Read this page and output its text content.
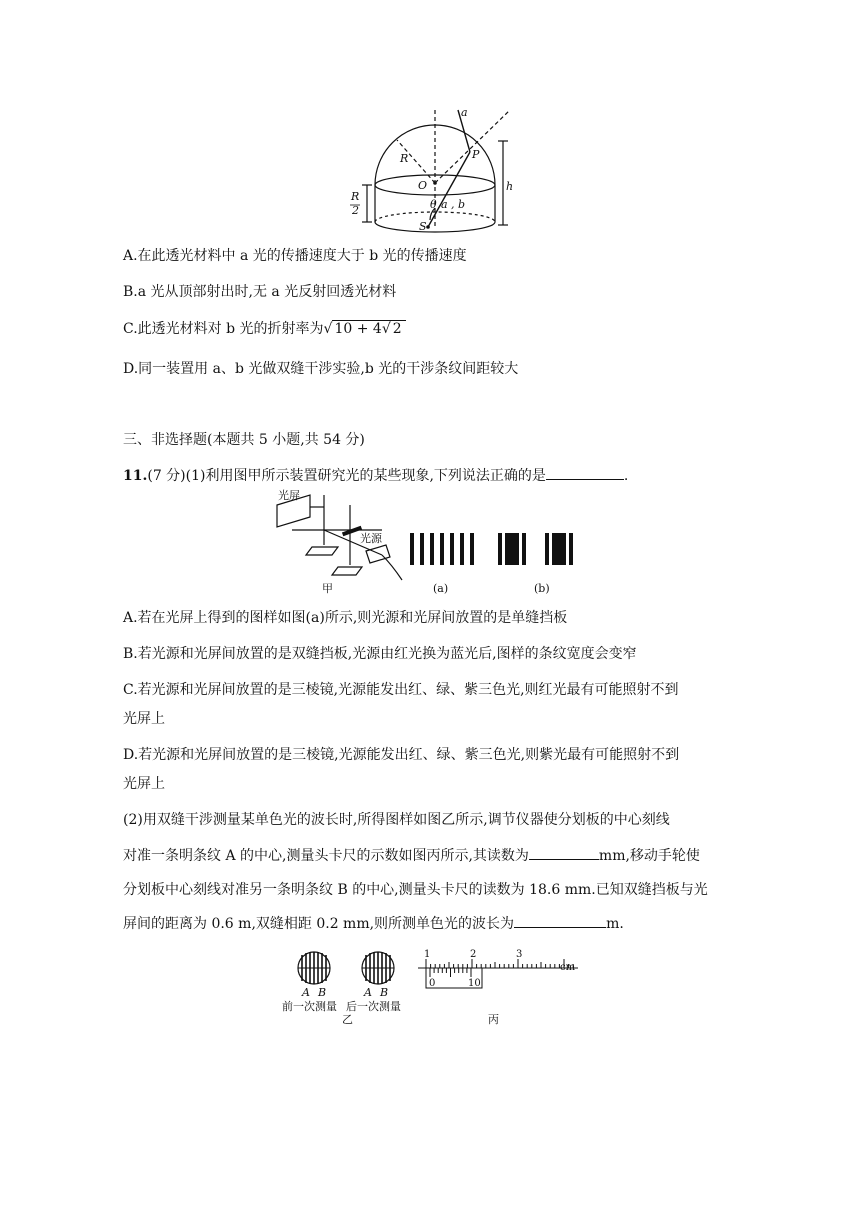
a
R	P
O	h
R
2	θ a , b
S
A.在此透光材料中 a 光的传播速度大于 b 光的传播速度
B.a 光从顶部射出时,无 a 光反射回透光材料
C.此透光材料对 b 光的折射率为√ 10 + 4√ 2
D.同一装置用 a、b 光做双缝干涉实验,b 光的干涉条纹间距较大
三、非选择题(本题共 5 小题,共 54 分)
11.(7 分)(1)利用图甲所示装置研究光的某些现象,下列说法正确的是	.
光屏
光源
甲	(a)	(b)
A.若在光屏上得到的图样如图(a)所示,则光源和光屏间放置的是单缝挡板
B.若光源和光屏间放置的是双缝挡板,光源由红光换为蓝光后,图样的条纹宽度会变窄
C.若光源和光屏间放置的是三棱镜,光源能发出红、绿、紫三色光,则红光最有可能照射不到
光屏上
D.若光源和光屏间放置的是三棱镜,光源能发出红、绿、紫三色光,则紫光最有可能照射不到
光屏上
(2)用双缝干涉测量某单色光的波长时,所得图样如图乙所示,调节仪器使分划板的中心刻线
对准一条明条纹 A 的中心,测量头卡尺的示数如图丙所示,其读数为	mm,移动手轮使
分划板中心刻线对准另一条明条纹 B 的中心,测量头卡尺的读数为 18.6 mm.已知双缝挡板与光
屏间的距离为 0.6 m,双缝相距 0.2 mm,则所测单色光的波长为	m.
A B	A B
前一次测量 后一次测量
乙	丙
1	2	3
cm
0	10
